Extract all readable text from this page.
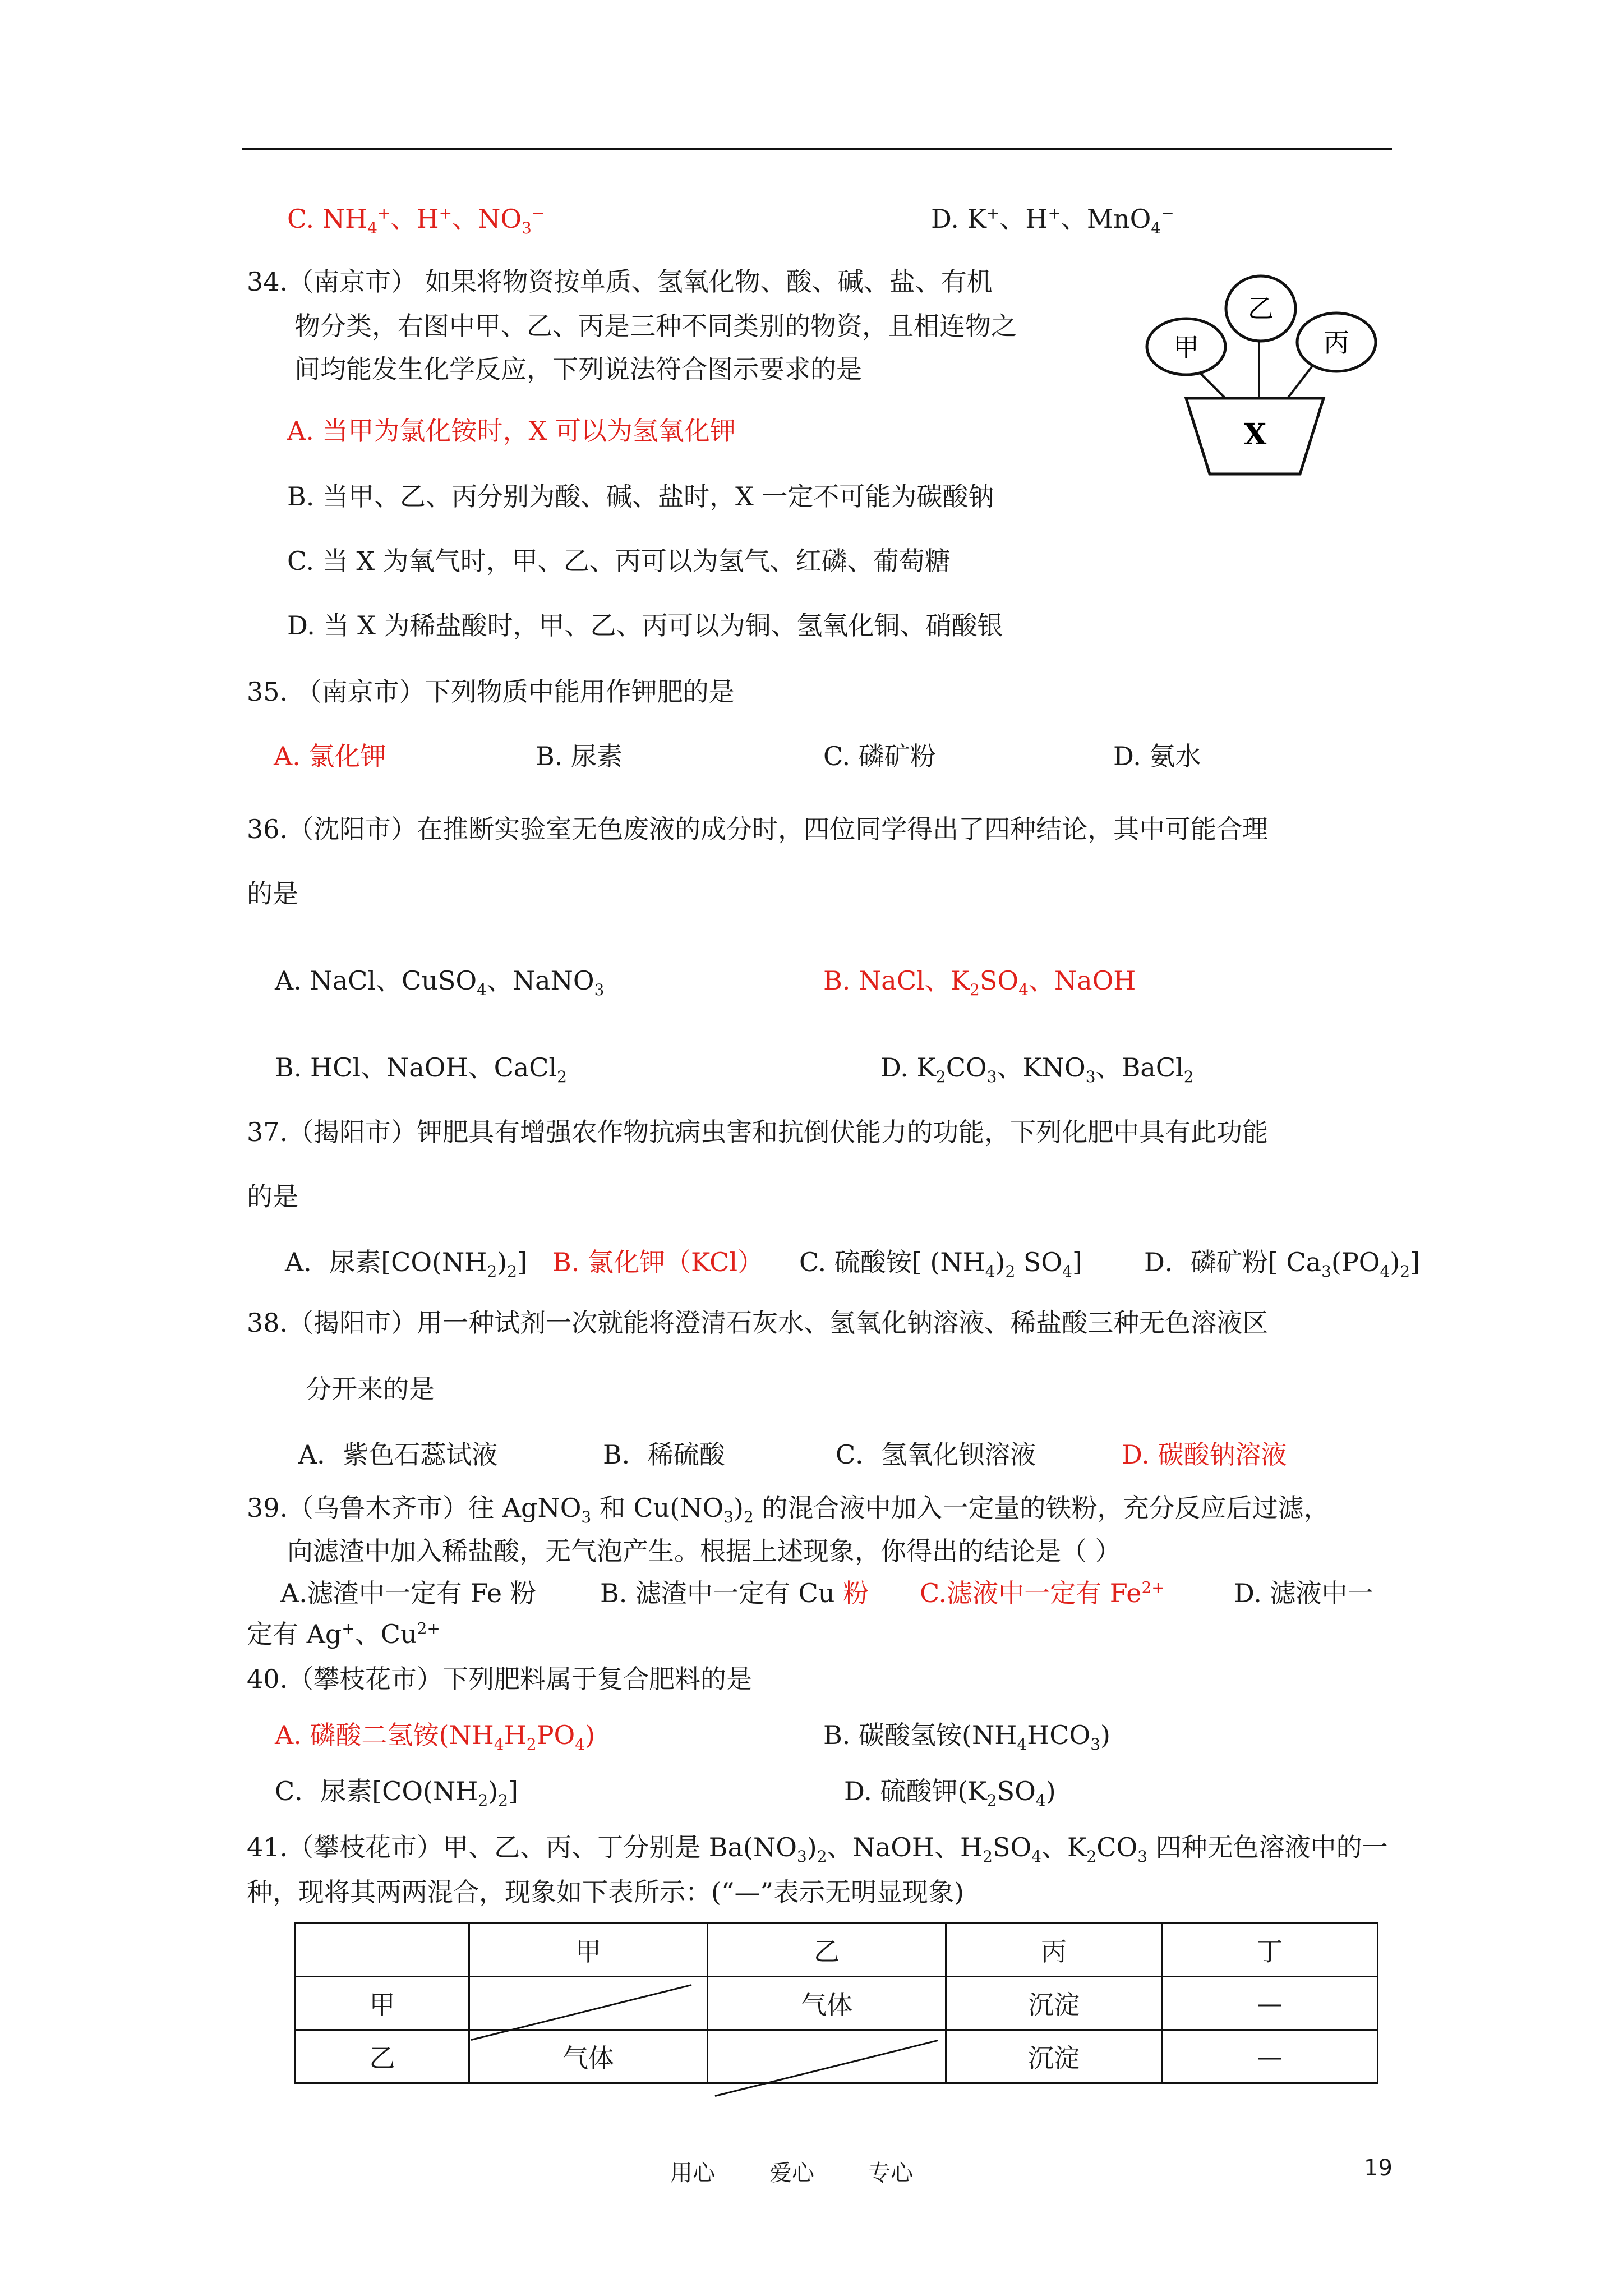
C. $NH_4^+$、H+、$NO_3^-$	D. K+、H+、MnO$_4$−
34.（南京市） 如果将物资按单质、氢氧化物、酸、碱、盐、有机
物分类，右图中甲、乙、丙是三种不同类别的物资，且相连物之
间均能发生化学反应，下列说法符合图示要求的是
甲
乙
丙
X
A. 当甲为氯化铵时，X 可以为氢氧化钾
B. 当甲、乙、丙分别为酸、碱、盐时，X 一定不可能为碳酸钠
C. 当 X 为氧气时，甲、乙、丙可以为氢气、红磷、葡萄糖
D. 当 X 为稀盐酸时，甲、乙、丙可以为铜、氢氧化铜、硝酸银
35. （南京市）下列物质中能用作钾肥的是
A. 氯化钾	B. 尿素	C. 磷矿粉	D. 氨水
36.（沈阳市）在推断实验室无色废液的成分时，四位同学得出了四种结论，其中可能合理
的是
A. NaCl、CuSO$_4$、NaNO$_3$	B. NaCl、$K_2SO_4$、NaOH
B. HCl、NaOH、CaCl$_2$	D. $K_2CO_3$、$KNO_3$、BaCl$_2$
37.（揭阳市）钾肥具有增强农作物抗病虫害和抗倒伏能力的功能，下列化肥中具有此功能
的是
A．尿素$[CO(NH_2)_2]$ B. 氯化钾（KCl） C. 硫酸铵[ $(NH_4)_2$ $SO_4$] D．磷矿粉[ $Ca_3(PO_4)_2$]
38.（揭阳市）用一种试剂一次就能将澄清石灰水、氢氧化钠溶液、稀盐酸三种无色溶液区
分开来的是
A．紫色石蕊试液	B．稀硫酸	C．氢氧化钡溶液	D. 碳酸钠溶液
39.（乌鲁木齐市）往 AgNO$_3$ 和 $Cu(NO_3)_2$ 的混合液中加入一定量的铁粉，充分反应后过滤，
向滤渣中加入稀盐酸，无气泡产生。根据上述现象，你得出的结论是（ ）
A.滤渣中一定有 Fe 粉 B. 滤渣中一定有 Cu 粉 C.滤液中一定有 $Fe^{2+}$	D. 滤液中一
定有 Ag+、$Cu^{2+}$
40.（攀枝花市）下列肥料属于复合肥料的是
A. 磷酸二氢铵$(NH_4H_2PO_4)$	B. 碳酸氢铵$(NH_4HCO_3)$
C．尿素$[CO(NH_2)_2]$	D. 硫酸钾$(K_2SO_4)$
41.（攀枝花市）甲、乙、丙、丁分别是 $Ba(NO_3)_2$、NaOH、$H_2SO_4$、$K_2CO_3$ 四种无色溶液中的一
种，现将其两两混合，现象如下表所示：(“—”表示无明显现象)
	甲	乙	丙	丁
甲		气体	沉淀	—
乙	气体		沉淀	—
用心 爱心 专心	19
